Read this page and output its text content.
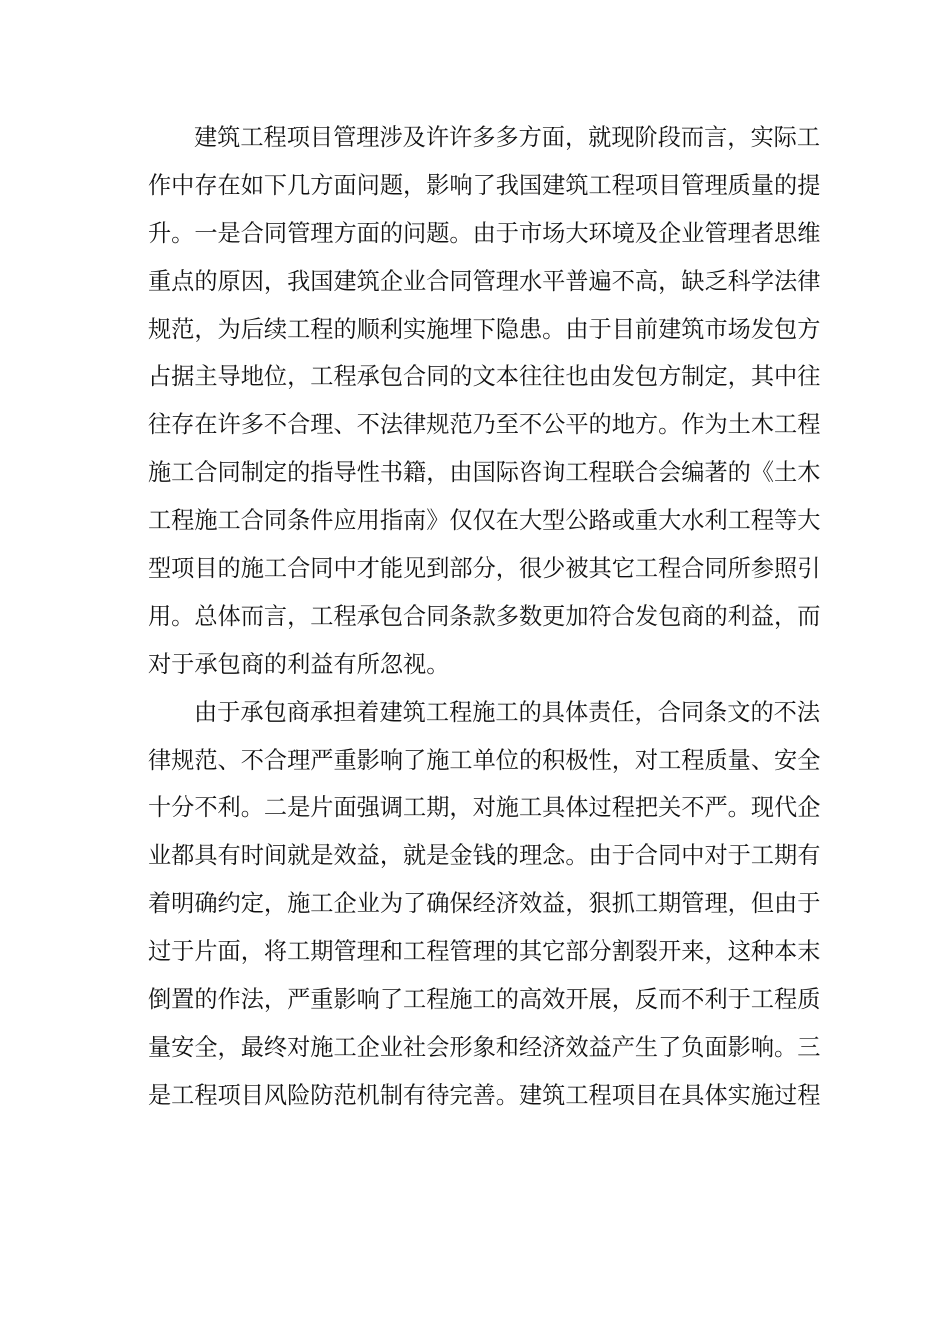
建筑工程项目管理涉及许许多多方面，就现阶段而言，实际工
作中存在如下几方面问题，影响了我国建筑工程项目管理质量的提
升。一是合同管理方面的问题。由于市场大环境及企业管理者思维
重点的原因，我国建筑企业合同管理水平普遍不高，缺乏科学法律
规范，为后续工程的顺利实施埋下隐患。由于目前建筑市场发包方
占据主导地位，工程承包合同的文本往往也由发包方制定，其中往
往存在许多不合理、不法律规范乃至不公平的地方。作为土木工程
施工合同制定的指导性书籍，由国际咨询工程联合会编著的《土木
工程施工合同条件应用指南》仅仅在大型公路或重大水利工程等大
型项目的施工合同中才能见到部分，很少被其它工程合同所参照引
用。总体而言，工程承包合同条款多数更加符合发包商的利益，而
对于承包商的利益有所忽视。
由于承包商承担着建筑工程施工的具体责任，合同条文的不法
律规范、不合理严重影响了施工单位的积极性，对工程质量、安全
十分不利。二是片面强调工期，对施工具体过程把关不严。现代企
业都具有时间就是效益，就是金钱的理念。由于合同中对于工期有
着明确约定，施工企业为了确保经济效益，狠抓工期管理，但由于
过于片面，将工期管理和工程管理的其它部分割裂开来，这种本末
倒置的作法，严重影响了工程施工的高效开展，反而不利于工程质
量安全，最终对施工企业社会形象和经济效益产生了负面影响。三
是工程项目风险防范机制有待完善。建筑工程项目在具体实施过程
